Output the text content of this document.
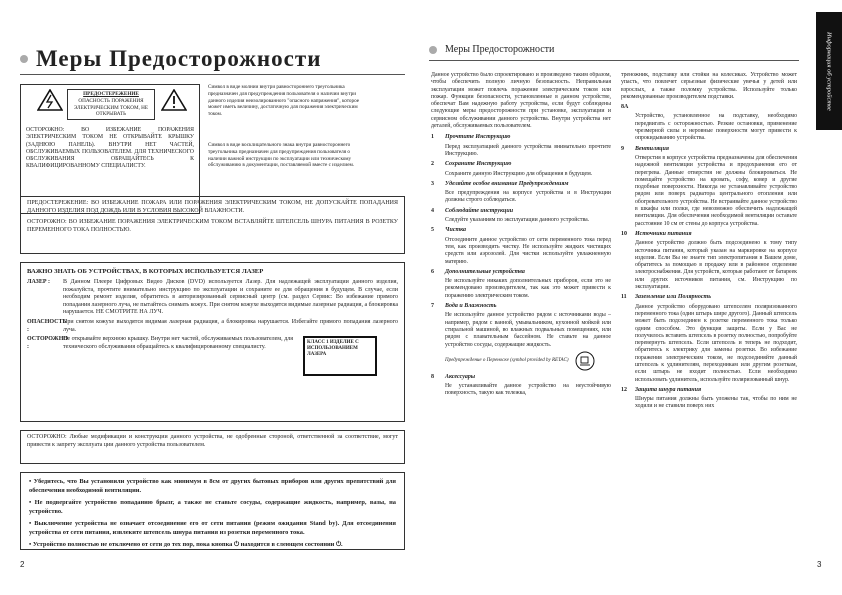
Меры Предосторожности
ПРЕДОСТЕРЕЖЕНИЕ
ОПАСНОСТЬ ПОРАЖЕНИЯ ЭЛЕКТРИЧЕСКИМ ТОКОМ, НЕ ОТКРЫВАТЬ
ОСТОРОЖНО: ВО ИЗБЕЖАНИЕ ПОРАЖЕНИЯ ЭЛЕКТРИЧЕСКИМ ТОКОМ НЕ ОТКРЫВАЙТЕ КРЫШКУ (ЗАДНЮЮ ПАНЕЛЬ). ВНУТРИ НЕТ ЧАСТЕЙ, ОБСЛУЖИВАЕМЫХ ПОЛЬЗОВАТЕЛЕМ. ДЛЯ ТЕХНИЧЕСКОГО ОБСЛУЖИВАНИЯ ОБРАЩАЙТЕСЬ К КВАЛИФИЦИРОВАННОМУ СПЕЦИАЛИСТУ.
Символ в виде молнии внутри равностороннего треугольника предназначен для предупреждения пользователя о наличии внутри данного изделия неизолированного "опасного напряжения", которое может иметь величину, достаточную для поражения электрическим током.
Символ в виде восклицательного знака внутри равностороннего треугольника предназначен для предупреждения пользователя о наличии важной инструкции по эксплуатации или техническому обслуживанию в документации, поставляемой вместе с изделием.
ПРЕДОСТЕРЕЖЕНИЕ: ВО ИЗБЕЖАНИЕ ПОЖАРА ИЛИ ПОРАЖЕНИЯ ЭЛЕКТРИЧЕСКИМ ТОКОМ, НЕ ДОПУСКАЙТЕ ПОПАДАНИЯ ДАННОГО ИЗДЕЛИЯ ПОД ДОЖДЬ ИЛИ В УСЛОВИЯ ВЫСОКОЙ ВЛАЖНОСТИ.
ОСТОРОЖНО: ВО ИЗБЕЖАНИЕ ПОРАЖЕНИЯ ЭЛЕКТРИЧЕСКИМ ТОКОМ ВСТАВЛЯЙТЕ ШТЕПСЕЛЬ ШНУРА ПИТАНИЯ В РОЗЕТКУ ПЕРЕМЕННОГО ТОКА ПОЛНОСТЬЮ.
ВАЖНО ЗНАТЬ ОБ УСТРОЙСТВАХ, В КОТОРЫХ ИСПОЛЬЗУЕТСЯ ЛАЗЕР
ЛАЗЕР :	В Данном Плеере Цифровых Видео Дисков (DVD) используется Лазер. Для надлежащей эксплуатации данного изделия, пожалуйста, прочтите внимательно инструкцию по эксплуатации и сохраните ее для обращения в будущем. В случае, если необходим ремонт изделия, обратитесь в авторизированный сервисный центр (см. раздел Сервис: Во избежание прямого попадания лазерного луча, не пытайтесь снимать кожух. При снятом кожухе выходятся видимые лазерные радиация, а блокировка нарушается. НЕ СМОТРИТЕ НА ЛУЧ.
ОПАСНОСТЬ :
При снятом кожухе выходятся видимая лазерная радиация, а блокировка нарушается. Избегайте прямого попадания лазерного луча.
ОСТОРОЖНО :
Не открывайте верхнюю крышку. Внутри нет частей, обслуживаемых пользователем, для технического обслуживания обращайтесь к квалифицированному специалисту.
КЛАСС 1 ИЗДЕЛИЕ С ИСПОЛЬЗОВАНИЕМ ЛАЗЕРА
ОСТОРОЖНО: Любые модификации и конструкции данного устройства, не одобренные стороной, ответственной за соответствие, могут привести к запрету эксплуата ции данного устройства пользователем.
• Убедитесь, что Вы установили устройство как минимум в 8см от других бытовых приборов или других препятствий для обеспечения необходимой вентиляции.
• Не подвергайте устройство попаданию брызг, а также не ставьте сосуды, содержащие жидкость, например, вазы, на устройство.
• Выключение устройства не означает отсоединение его от сети питания (режим ожидания Stand by). Для отсоединения устройства от сети питания, извлеките штепсель шнура питания из розетки переменного тока.
• Устройство полностью не отключено от сети до тех пор, пока кнопка ⏻ находится в слеющем состоянии ⏻.
2
Информация об устройстве
Меры Предосторожности
Данное устройство было спроектировано и произведено таким образом, чтобы обеспечить полную личную безопасность. Неправильная эксплуатация может повлечь поражение электрическим током или пожар. Функции безопасности, установленные в данном устройстве, обеспечат Вам надежную работу устройства, если будут соблюдены следующие меры предосторожности при установке, эксплуатации и сервисном обслуживании данного устройства. Внутри устройства нет деталей, обслуживаемых пользователем.
1	Прочтите Инструкцию

Перед эксплуатацией данного устройства внимательно прочтите Инструкцию.

2	Сохраните Инструкцию

Сохраните данную Инструкцию для обращения в будущем.

3	Уделяйте особое внимание Предупреждениям

Все предупреждения на корпусе устройства и в Инструкции должны строго соблюдаться.

4	Соблюдайте инструкции

Следуйте указаниям по эксплуатации данного устройства.

5	Чистка

Отсоедините данное устройство от сети переменного тока перед тем, как производить чистку. Не используйте жидких чистящих средств или аэрозолей. Для чистки используйте увлажненную материю.

6	Дополнительные устройства

Не используйте никаких дополнительных приборов, если это не рекомендовано производителем, так как это может привести к поражению электрическим током.

7	Вода и Влажность

Не используйте данное устройство рядом с источниками воды – например, рядом с ванной, умывальником, кухонной мойкой или стиральной машиной, во влажных подвальных помещениях, или рядом с плавательным бассейном. Не ставьте на данное устройство сосуды, содержащие жидкость.

Предупреждение о Переноске (symbol provided by RETAC)
8	Аксессуары

Не устанавливайте данное устройство на неустойчивую поверхность, такую как тележка,

треножник, подставку или стойки на колесиках. Устройство может упасть, что повлечет серьезные физические увечья у детей или взрослых, а также поломку устройства. Используйте только рекомендованные производителем подставки.
8A

Устройство, установленное на подставку, необходимо передвигать с осторожностью. Резкие остановки, применение чрезмерной силы и неровные поверхности могут привести к опрокидыванию устройства.

9	Вентиляция

Отверстия в корпусе устройства предназначены для обеспечения надежной вентиляции устройства и предохранения его от перегрева. Данные отверстия не должны блокироваться. Не помещайте устройство на кровать, софу, ковер и другие подобные поверхности. Никогда не устанавливайте устройство рядом или поверх радиатора центрального отопления или обогревательного устройства. Не встраивайте данное устройство в шкафы или полки, где невозможно обеспечить надлежащей вентиляции. Для обеспечения необходимой вентиляции оставьте расстояние 10 см от стены до корпуса устройства.

10	Источники питания

Данное устройство должно быть подсоединено к тому типу источника питания, который указан на маркировке на корпусе изделия. Если Вы не знаете тип электропитания в Вашем доме, обратитесь за помощью в продажу или в районное отделение электроснабжения. Для устройств, которые работают от батареек или других источников питания, см. Инструкцию по эксплуатации.

11	Заземление или Полярность

Данное устройство оборудовано штепселем поляризованного переменного тока (один штырь шире другого). Данный штепсель может быть подсоединен к розетке переменного тока только одним способом. Это функция защиты. Если у Вас не получилось вставить штепсель в розетку полностью, попробуйте перевернуть штепсель. Если штепсель и теперь не подходит, обратитесь к электрику для замены розетки. Во избежание поражения электрическим током, не подсоединяйте данный штепсель к удлинителям, переходникам или другим розеткам, если штырь не входит полностью. Если необходимо использовать удлинитель, используйте поляризованный шнур.

12	Защита шнура питания

Шнуры питания должны быть уложены так, чтобы по ним не ходили и не ставили поверх них

3
